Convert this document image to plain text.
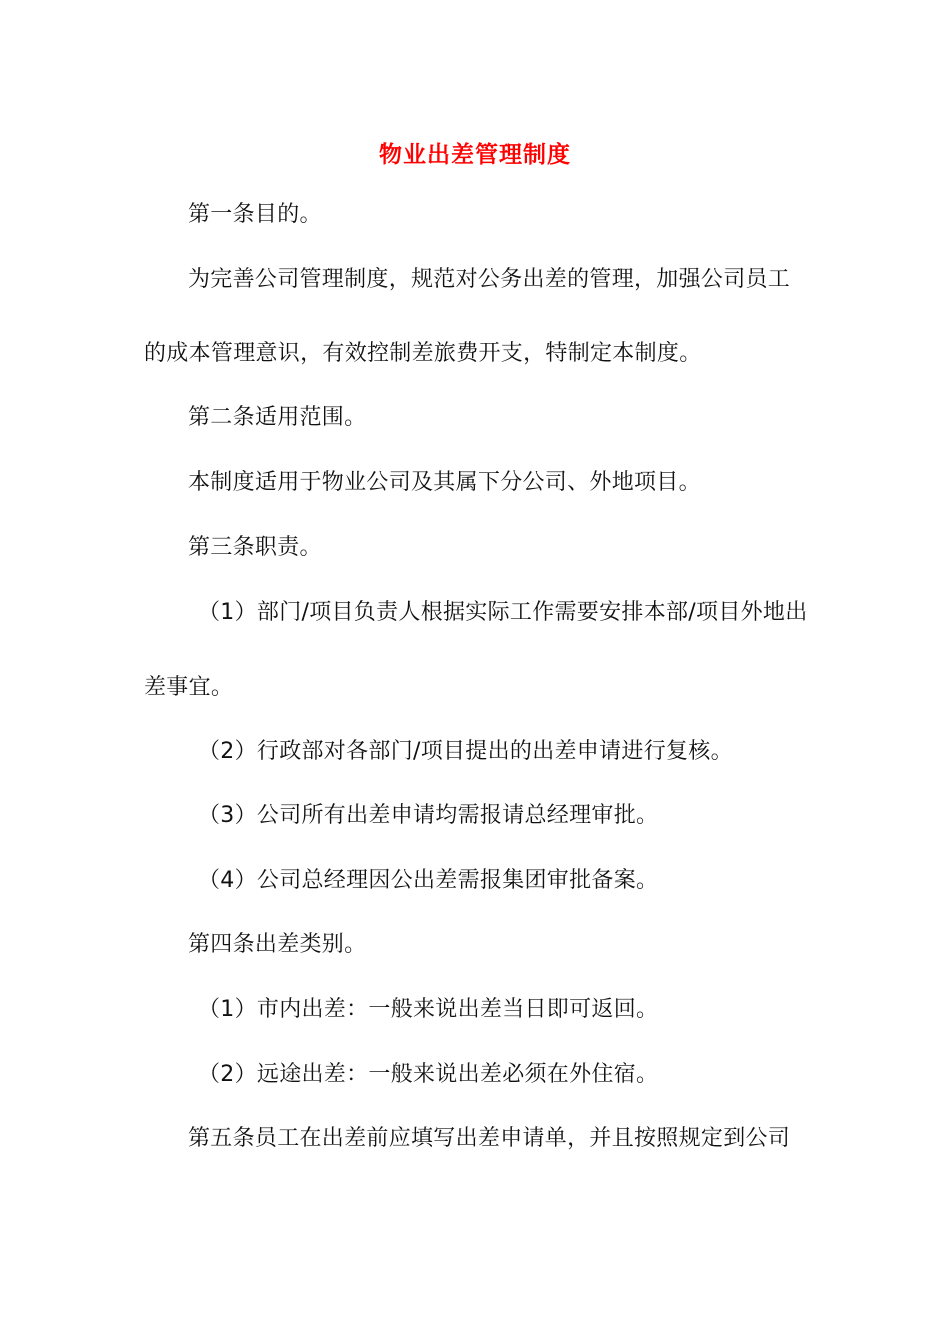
物业出差管理制度
第一条目的。
为完善公司管理制度，规范对公务出差的管理，加强公司员工
的成本管理意识，有效控制差旅费开支，特制定本制度。
第二条适用范围。
本制度适用于物业公司及其属下分公司、外地项目。
第三条职责。
（1）部门/项目负责人根据实际工作需要安排本部/项目外地出
差事宜。
（2）行政部对各部门/项目提出的出差申请进行复核。
（3）公司所有出差申请均需报请总经理审批。
（4）公司总经理因公出差需报集团审批备案。
第四条出差类别。
（1）市内出差：一般来说出差当日即可返回。
（2）远途出差：一般来说出差必须在外住宿。
第五条员工在出差前应填写出差申请单，并且按照规定到公司
